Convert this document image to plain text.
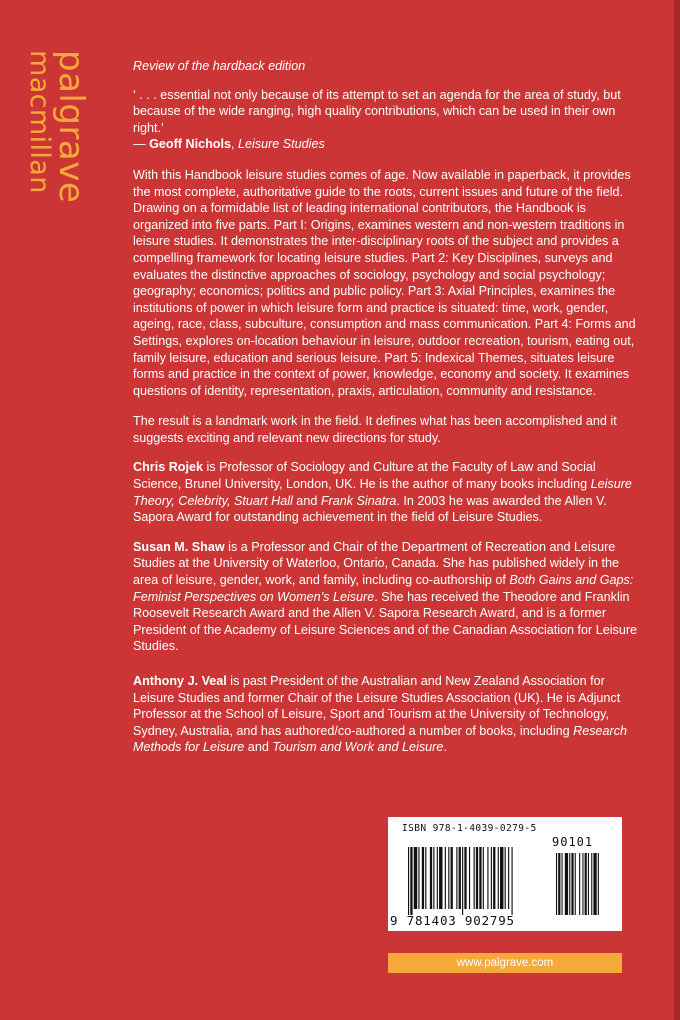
palgrave
macmillan	Review of the hardback edition

‘ . . . essential not only because of its attempt to set an agenda for the area of study, but because of the wide ranging, high quality contributions, which can be used in their own right.’

— Geoff Nichols, Leisure Studies

With this Handbook leisure studies comes of age. Now available in paperback, it provides the most complete, authoritative guide to the roots, current issues and future of the field. Drawing on a formidable list of leading international contributors, the Handbook is organized into five parts. Part I: Origins, examines western and non-western traditions in leisure studies. It demonstrates the inter-disciplinary roots of the subject and provides a compelling framework for locating leisure studies. Part 2: Key Disciplines, surveys and evaluates the distinctive approaches of sociology, psychology and social psychology; geography; economics; politics and public policy. Part 3: Axial Principles, examines the institutions of power in which leisure form and practice is situated: time, work, gender, ageing, race, class, subculture, consumption and mass communication. Part 4: Forms and Settings, explores on-location behaviour in leisure, outdoor recreation, tourism, eating out, family leisure, education and serious leisure. Part 5: Indexical Themes, situates leisure forms and practice in the context of power, knowledge, economy and society. It examines questions of identity, representation, praxis, articulation, community and resistance.

The result is a landmark work in the field. It defines what has been accomplished and it suggests exciting and relevant new directions for study.

Chris Rojek is Professor of Sociology and Culture at the Faculty of Law and Social Science, Brunel University, London, UK. He is the author of many books including Leisure Theory, Celebrity, Stuart Hall and Frank Sinatra. In 2003 he was awarded the Allen V. Sapora Award for outstanding achievement in the field of Leisure Studies.

Susan M. Shaw is a Professor and Chair of the Department of Recreation and Leisure Studies at the University of Waterloo, Ontario, Canada. She has published widely in the area of leisure, gender, work, and family, including co-authorship of Both Gains and Gaps: Feminist Perspectives on Women’s Leisure. She has received the Theodore and Franklin Roosevelt Research Award and the Allen V. Sapora Research Award, and is a former President of the Academy of Leisure Sciences and of the Canadian Association for Leisure Studies.

Anthony J. Veal is past President of the Australian and New Zealand Association for Leisure Studies and former Chair of the Leisure Studies Association (UK). He is Adjunct Professor at the School of Leisure, Sport and Tourism at the University of Technology, Sydney, Australia, and has authored/co-authored a number of books, including Research Methods for Leisure and Tourism and Work and Leisure.

ISBN 978-1-4039-0279-5
90101
9 781403 902795
www.palgrave.com
